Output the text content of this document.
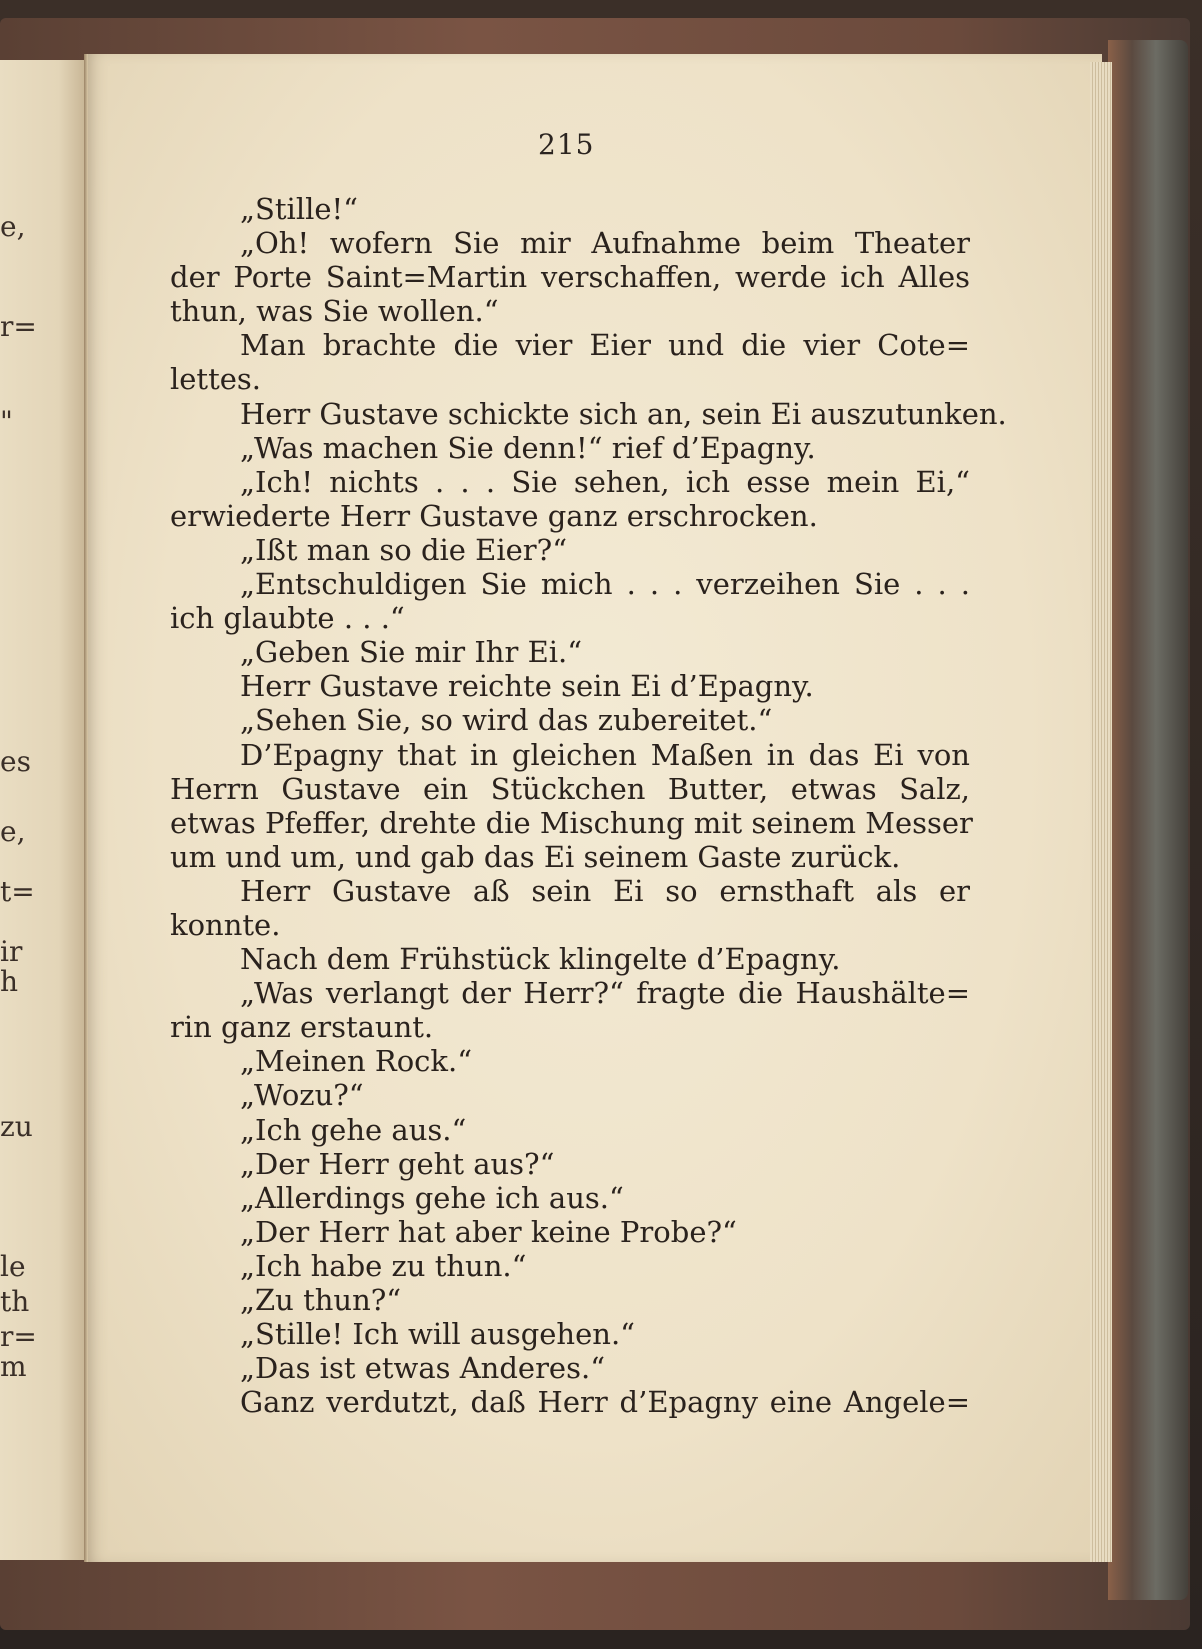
e,
r=
"
es
e,
t=
ir
h
zu
le
th
r=
m
215
„Stille!“
„Oh! wofern Sie mir Aufnahme beim Theater
der Porte Saint=Martin verschaffen, werde ich Alles
thun, was Sie wollen.“
Man brachte die vier Eier und die vier Cote=
lettes.
Herr Gustave schickte sich an, sein Ei auszutunken.
„Was machen Sie denn!“ rief d’Epagny.
„Ich! nichts . . . Sie sehen, ich esse mein Ei,“
erwiederte Herr Gustave ganz erschrocken.
„Ißt man so die Eier?“
„Entschuldigen Sie mich . . . verzeihen Sie . . .
ich glaubte . . .“
„Geben Sie mir Ihr Ei.“
Herr Gustave reichte sein Ei d’Epagny.
„Sehen Sie, so wird das zubereitet.“
D’Epagny that in gleichen Maßen in das Ei von
Herrn Gustave ein Stückchen Butter, etwas Salz,
etwas Pfeffer, drehte die Mischung mit seinem Messer
um und um, und gab das Ei seinem Gaste zurück.
Herr Gustave aß sein Ei so ernsthaft als er
konnte.
Nach dem Frühstück klingelte d’Epagny.
„Was verlangt der Herr?“ fragte die Haushälte=
rin ganz erstaunt.
„Meinen Rock.“
„Wozu?“
„Ich gehe aus.“
„Der Herr geht aus?“
„Allerdings gehe ich aus.“
„Der Herr hat aber keine Probe?“
„Ich habe zu thun.“
„Zu thun?“
„Stille! Ich will ausgehen.“
„Das ist etwas Anderes.“
Ganz verdutzt, daß Herr d’Epagny eine Angele=
